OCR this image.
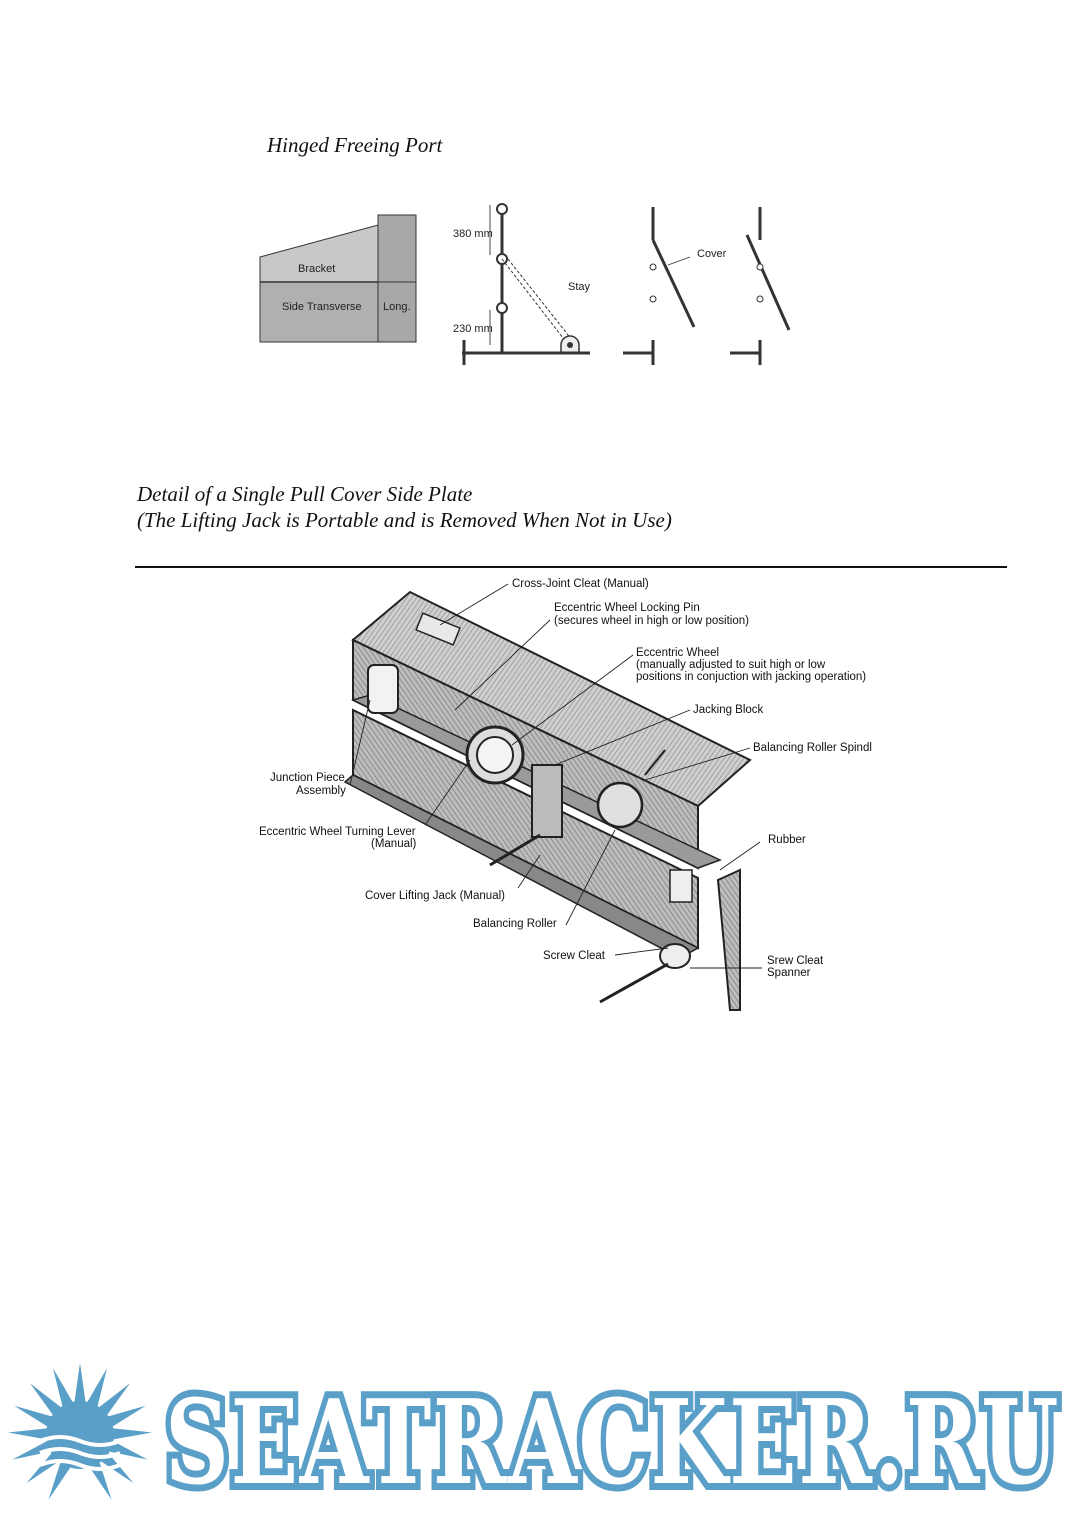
Hinged Freeing Port
Bracket
Side Transverse Long.
380 mm
230 mm
Stay
Cover
Detail of a Single Pull Cover Side Plate
(The Lifting Jack is Portable and is Removed When Not in Use)
Cross-Joint Cleat (Manual)
Eccentric Wheel Locking Pin
(secures wheel in high or low position)
Eccentric Wheel
(manually adjusted to suit high or low
positions in conjuction with jacking operation)
Jacking Block
Balancing Roller Spindl
Junction Piece
Assembly
Eccentric Wheel Turning Lever
(Manual)	Rubber
Cover Lifting Jack (Manual)
Balancing Roller
Screw Cleat	Srew Cleat
Spanner
SEATRACKER.RU
